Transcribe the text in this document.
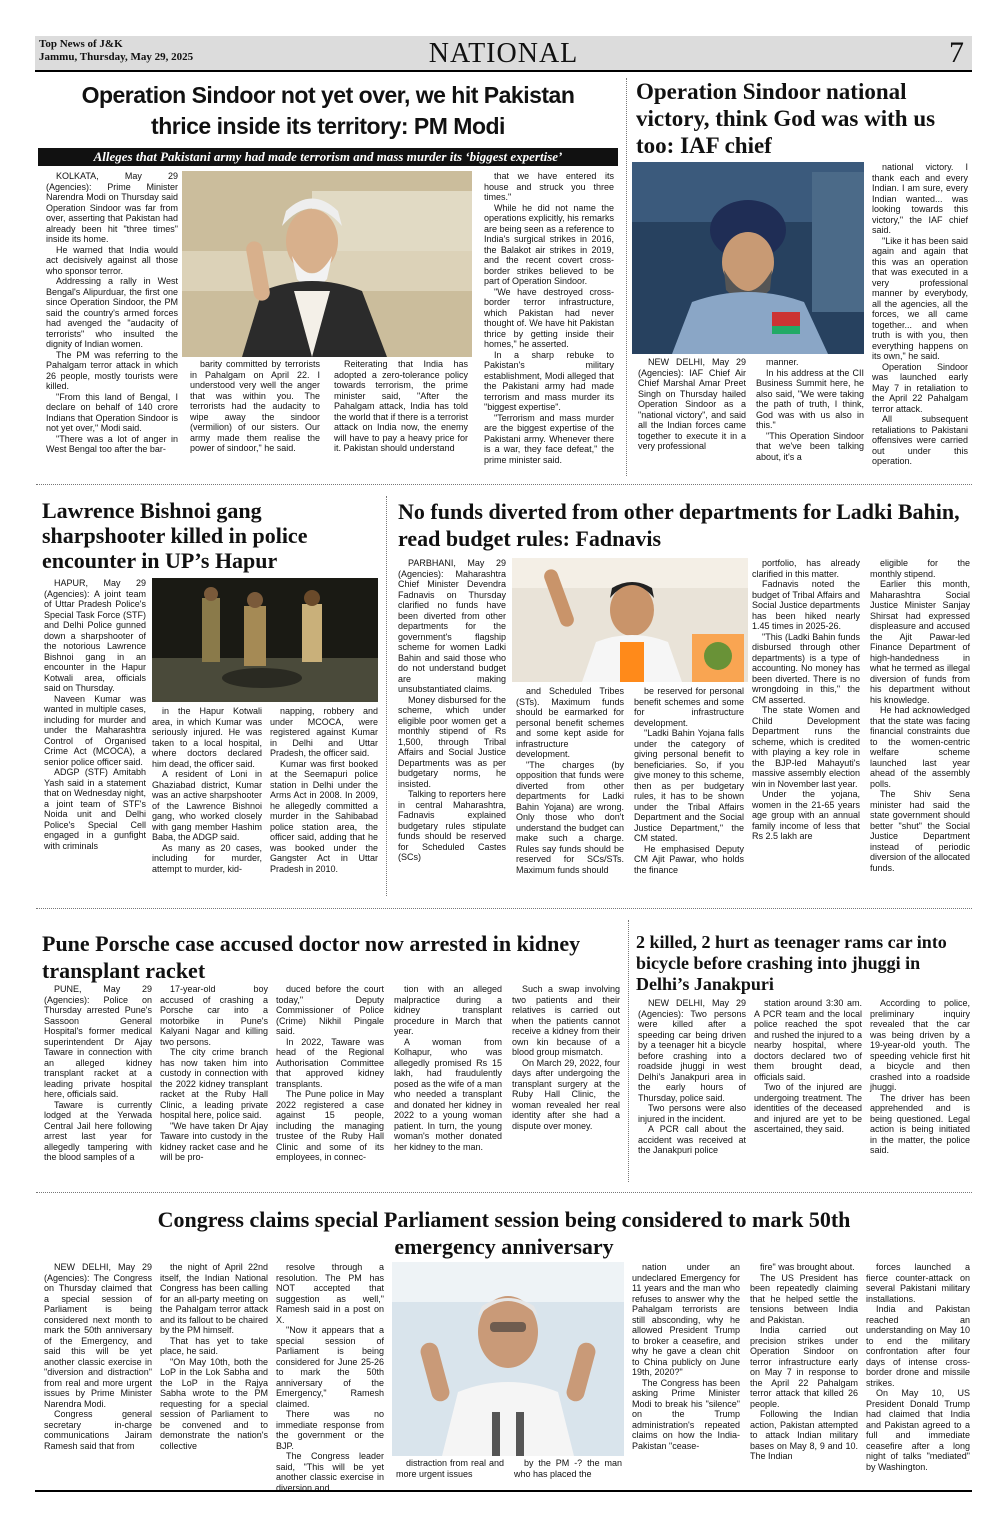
Top News of J&K
Jammu, Thursday, May 29, 2025	NATIONAL	7
Operation Sindoor not yet over, we hit Pakistan
thrice inside its territory: PM Modi
Alleges that Pakistani army had made terrorism and mass murder its ‘biggest expertise’

KOLKATA, May 29 (Agencies): Prime Minister Narendra Modi on Thursday said Operation Sindoor was far from over, asserting that Pakistan had already been hit "three times" inside its home.

He warned that India would act decisively against all those who sponsor terror.

Addressing a rally in West Bengal's Alipurduar, the first one since Operation Sindoor, the PM said the country's armed forces had avenged the "audacity of terrorists" who insulted the dignity of Indian women.

The PM was referring to the Pahalgam terror attack in which 26 people, mostly tourists were killed.

"From this land of Bengal, I declare on behalf of 140 crore Indians that Operation Sindoor is not yet over," Modi said.

"There was a lot of anger in West Bengal too after the bar-

barity committed by terrorists in Pahalgam on April 22. I understood very well the anger that was within you. The terrorists had the audacity to wipe away the sindoor (vermilion) of our sisters. Our army made them realise the power of sindoor," he said.

Reiterating that India has adopted a zero-tolerance policy towards terrorism, the prime minister said, "After the Pahalgam attack, India has told the world that if there is a terrorist attack on India now, the enemy will have to pay a heavy price for it. Pakistan should understand

that we have entered its house and struck you three times."

While he did not name the operations explicitly, his remarks are being seen as a reference to India's surgical strikes in 2016, the Balakot air strikes in 2019, and the recent covert cross-border strikes believed to be part of Operation Sindoor.

"We have destroyed cross-border terror infrastructure, which Pakistan had never thought of. We have hit Pakistan thrice by getting inside their homes," he asserted.

In a sharp rebuke to Pakistan's military establishment, Modi alleged that the Pakistani army had made terrorism and mass murder its "biggest expertise".

"Terrorism and mass murder are the biggest expertise of the Pakistani army. Whenever there is a war, they face defeat," the prime minister said.

Operation Sindoor national victory, think God was with us too: IAF chief

NEW DELHI, May 29 (Agencies): IAF Chief Air Chief Marshal Amar Preet Singh on Thursday hailed Operation Sindoor as a "national victory", and said all the Indian forces came together to execute it in a very professional

manner.

In his address at the CII Business Summit here, he also said, "We were taking the path of truth, I think, God was with us also in this."

"This Operation Sindoor that we've been talking about, it's a

national victory. I thank each and every Indian. I am sure, every Indian wanted... was looking towards this victory," the IAF chief said.

"Like it has been said again and again that this was an operation that was executed in a very professional manner by everybody, all the agencies, all the forces, we all came together... and when truth is with you, then everything happens on its own," he said.

Operation Sindoor was launched early May 7 in retaliation to the April 22 Pahalgam terror attack.

All subsequent retaliations to Pakistani offensives were carried out under this operation.

Lawrence Bishnoi gang sharpshooter killed in police encounter in UP’s Hapur

HAPUR, May 29 (Agencies): A joint team of Uttar Pradesh Police's Special Task Force (STF) and Delhi Police gunned down a sharpshooter of the notorious Lawrence Bishnoi gang in an encounter in the Hapur Kotwali area, officials said on Thursday.

Naveen Kumar was wanted in multiple cases, including for murder and under the Maharashtra Control of Organised Crime Act (MCOCA), a senior police officer said.

ADGP (STF) Amitabh Yash said in a statement that on Wednesday night, a joint team of STF's Noida unit and Delhi Police's Special Cell engaged in a gunfight with criminals

in the Hapur Kotwali area, in which Kumar was seriously injured. He was taken to a local hospital, where doctors declared him dead, the officer said.

A resident of Loni in Ghaziabad district, Kumar was an active sharpshooter of the Lawrence Bishnoi gang, who worked closely with gang member Hashim Baba, the ADGP said.

As many as 20 cases, including for murder, attempt to murder, kid-

napping, robbery and under MCOCA, were registered against Kumar in Delhi and Uttar Pradesh, the officer said.

Kumar was first booked at the Seemapuri police station in Delhi under the Arms Act in 2008. In 2009, he allegedly committed a murder in the Sahibabad police station area, the officer said, adding that he was booked under the Gangster Act in Uttar Pradesh in 2010.

No funds diverted from other departments for Ladki Bahin, read budget rules: Fadnavis

PARBHANI, May 29 (Agencies): Maharashtra Chief Minister Devendra Fadnavis on Thursday clarified no funds have been diverted from other departments for the government's flagship scheme for women Ladki Bahin and said those who do not understand budget are making unsubstantiated claims.

Money disbursed for the scheme, which under eligible poor women get a monthly stipend of Rs 1,500, through Tribal Affairs and Social Justice Departments was as per budgetary norms, he insisted.

Talking to reporters here in central Maharashtra, Fadnavis explained budgetary rules stipulate funds should be reserved for Scheduled Castes (SCs)

and Scheduled Tribes (STs). Maximum funds should be earmarked for personal benefit schemes and some kept aside for infrastructure development.

"The charges (by opposition that funds were diverted from other departments for Ladki Bahin Yojana) are wrong. Only those who don't understand the budget can make such a charge. Rules say funds should be reserved for SCs/STs. Maximum funds should

be reserved for personal benefit schemes and some for infrastructure development.

"Ladki Bahin Yojana falls under the category of giving personal benefit to beneficiaries. So, if you give money to this scheme, then as per budgetary rules, it has to be shown under the Tribal Affairs Department and the Social Justice Department," the CM stated.

He emphasised Deputy CM Ajit Pawar, who holds the finance

portfolio, has already clarified in this matter.

Fadnavis noted the budget of Tribal Affairs and Social Justice departments has been hiked nearly 1.45 times in 2025-26.

"This (Ladki Bahin funds disbursed through other departments) is a type of accounting. No money has been diverted. There is no wrongdoing in this," the CM asserted.

The state Women and Child Development Department runs the scheme, which is credited with playing a key role in the BJP-led Mahayuti's massive assembly election win in November last year.

Under the yojana, women in the 21-65 years age group with an annual family income of less that Rs 2.5 lakh are

eligible for the monthly stipend.

Earlier this month, Maharashtra Social Justice Minister Sanjay Shirsat had expressed displeasure and accused the Ajit Pawar-led Finance Department of high-handedness in what he termed as illegal diversion of funds from his department without his knowledge.

He had acknowledged that the state was facing financial constraints due to the women-centric welfare scheme launched last year ahead of the assembly polls.

The Shiv Sena minister had said the state government should better "shut" the Social Justice Department instead of periodic diversion of the allocated funds.

Pune Porsche case accused doctor now arrested in kidney transplant racket

PUNE, May 29 (Agencies): Police on Thursday arrested Pune's Sassoon General Hospital's former medical superintendent Dr Ajay Taware in connection with an alleged kidney transplant racket at a leading private hospital here, officials said.

Taware is currently lodged at the Yerwada Central Jail here following arrest last year for allegedly tampering with the blood samples of a

17-year-old boy accused of crashing a Porsche car into a motorbike in Pune's Kalyani Nagar and killing two persons.

The city crime branch has now taken him into custody in connection with the 2022 kidney transplant racket at the Ruby Hall Clinic, a leading private hospital here, police said.

"We have taken Dr Ajay Taware into custody in the kidney racket case and he will be pro-

duced before the court today," Deputy Commissioner of Police (Crime) Nikhil Pingale said.

In 2022, Taware was head of the Regional Authorisation Committee that approved kidney transplants.

The Pune police in May 2022 registered a case against 15 people, including the managing trustee of the Ruby Hall Clinic and some of its employees, in connec-

tion with an alleged malpractice during a kidney transplant procedure in March that year.

A woman from Kolhapur, who was allegedly promised Rs 15 lakh, had fraudulently posed as the wife of a man who needed a transplant and donated her kidney in 2022 to a young woman patient. In turn, the young woman's mother donated her kidney to the man.

Such a swap involving two patients and their relatives is carried out when the patients cannot receive a kidney from their own kin because of a blood group mismatch.

On March 29, 2022, four days after undergoing the transplant surgery at the Ruby Hall Clinic, the woman revealed her real identity after she had a dispute over money.

2 killed, 2 hurt as teenager rams car into bicycle before crashing into jhuggi in Delhi’s Janakpuri

NEW DELHI, May 29 (Agencies): Two persons were killed after a speeding car being driven by a teenager hit a bicycle before crashing into a roadside jhuggi in west Delhi's Janakpuri area in the early hours of Thursday, police said.

Two persons were also injured in the incident.

A PCR call about the accident was received at the Janakpuri police

station around 3:30 am. A PCR team and the local police reached the spot and rushed the injured to a nearby hospital, where doctors declared two of them brought dead, officials said.

Two of the injured are undergoing treatment. The identities of the deceased and injured are yet to be ascertained, they said.

According to police, preliminary inquiry revealed that the car was being driven by a 19-year-old youth. The speeding vehicle first hit a bicycle and then crashed into a roadside jhuggi.

The driver has been apprehended and is being questioned. Legal action is being initiated in the matter, the police said.

Congress claims special Parliament session being considered to mark 50th
emergency anniversary

NEW DELHI, May 29 (Agencies): The Congress on Thursday claimed that a special session of Parliament is being considered next month to mark the 50th anniversary of the Emergency, and said this will be yet another classic exercise in "diversion and distraction" from real and more urgent issues by Prime Minister Narendra Modi.

Congress general secretary in-charge communications Jairam Ramesh said that from

the night of April 22nd itself, the Indian National Congress has been calling for an all-party meeting on the Pahalgam terror attack and its fallout to be chaired by the PM himself.

That has yet to take place, he said.

"On May 10th, both the LoP in the Lok Sabha and the LoP in the Rajya Sabha wrote to the PM requesting for a special session of Parliament to be convened and to demonstrate the nation's collective

resolve through a resolution. The PM has NOT accepted that suggestion as well," Ramesh said in a post on X.

"Now it appears that a special session of Parliament is being considered for June 25-26 to mark the 50th anniversary of the Emergency," Ramesh claimed.

There was no immediate response from the government or the BJP.

The Congress leader said, "This will be yet another classic exercise in diversion and

distraction from real and more urgent issues

by the PM -? the man who has placed the

nation under an undeclared Emergency for 11 years and the man who refuses to answer why the Pahalgam terrorists are still absconding, why he allowed President Trump to broker a ceasefire, and why he gave a clean chit to China publicly on June 19th, 2020?"

The Congress has been asking Prime Minister Modi to break his "silence" on the Trump administration's repeated claims on how the India-Pakistan "cease-

fire" was brought about.

The US President has been repeatedly claiming that he helped settle the tensions between India and Pakistan.

India carried out precision strikes under Operation Sindoor on terror infrastructure early on May 7 in response to the April 22 Pahalgam terror attack that killed 26 people.

Following the Indian action, Pakistan attempted to attack Indian military bases on May 8, 9 and 10. The Indian

forces launched a fierce counter-attack on several Pakistani military installations.

India and Pakistan reached an understanding on May 10 to end the military confrontation after four days of intense cross-border drone and missile strikes.

On May 10, US President Donald Trump had claimed that India and Pakistan agreed to a full and immediate ceasefire after a long night of talks "mediated" by Washington.
